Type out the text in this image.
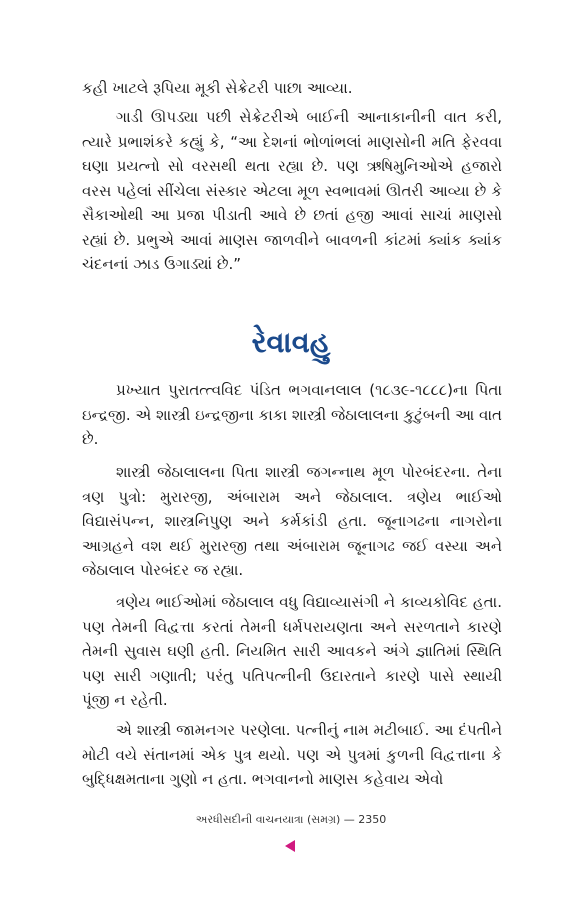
કહી ખાટલે રૂપિયા મૂકી સેક્રેટરી પાછા આવ્યા.

ગાડી ઊપડ્યા પછી સેક્રેટરીએ બાઈની આનાકાનીની વાત કરી, ત્યારે પ્રભાશંકરે કહ્યું કે, “આ દેશનાં ભોળાંભલાં માણસોની મતિ ફેરવવા ઘણા પ્રયત્નો સો વરસથી થતા રહ્યા છે. પણ ઋષિમુનિઓએ હજારો વરસ પહેલાં સીંચેલા સંસ્કાર એટલા મૂળ સ્વભાવમાં ઊતરી આવ્યા છે કે સૈકાઓથી આ પ્રજા પીડાતી આવે છે છતાં હજી આવાં સાચાં માણસો રહ્યાં છે. પ્રભુએ આવાં માણસ જાળવીને બાવળની કાંટમાં ક્યાંક ક્યાંક ચંદનનાં ઝાડ ઉગાડ્યાં છે.”

રેવાવહુ

પ્રખ્યાત પુરાતત્ત્વવિદ પંડિત ભગવાનલાલ (૧૮૩૯-૧૮૮૮)ના પિતા ઇન્દ્રજી. એ શાસ્ત્રી ઇન્દ્રજીના કાકા શાસ્ત્રી જેઠાલાલના કુટુંબની આ વાત છે.

શાસ્ત્રી જેઠાલાલના પિતા શાસ્ત્રી જગન્નાથ મૂળ પોરબંદરના. તેના ત્રણ પુત્રો: મુરારજી, અંબારામ અને જેઠાલાલ. ત્રણેય ભાઈઓ વિદ્યાસંપન્ન, શાસ્ત્રનિપુણ અને કર્મકાંડી હતા. જૂનાગઢના નાગરોના આગ્રહને વશ થઈ મુરારજી તથા અંબારામ જૂનાગઢ જઈ વસ્યા અને જેઠાલાલ પોરબંદર જ રહ્યા.

ત્રણેય ભાઈઓમાં જેઠાલાલ વધુ વિદ્યાવ્યાસંગી ને કાવ્યકોવિદ હતા. પણ તેમની વિદ્વત્તા કરતાં તેમની ધર્મપરાયણતા અને સરળતાને કારણે તેમની સુવાસ ઘણી હતી. નિયમિત સારી આવકને અંગે જ્ઞાતિમાં સ્થિતિ પણ સારી ગણાતી; પરંતુ પતિપત્નીની ઉદારતાને કારણે પાસે સ્થાયી પૂંજી ન રહેતી.

એ શાસ્ત્રી જામનગર પરણેલા. પત્નીનું નામ મટીબાઈ. આ દંપતીને મોટી વયે સંતાનમાં એક પુત્ર થયો. પણ એ પુત્રમાં કુળની વિદ્વત્તાના કે બુદ્ધિક્ષમતાના ગુણો ન હતા. ભગવાનનો માણસ કહેવાય એવો

અરધીસદીની વાચનયાત્રા (સમગ્ર) — 2350
